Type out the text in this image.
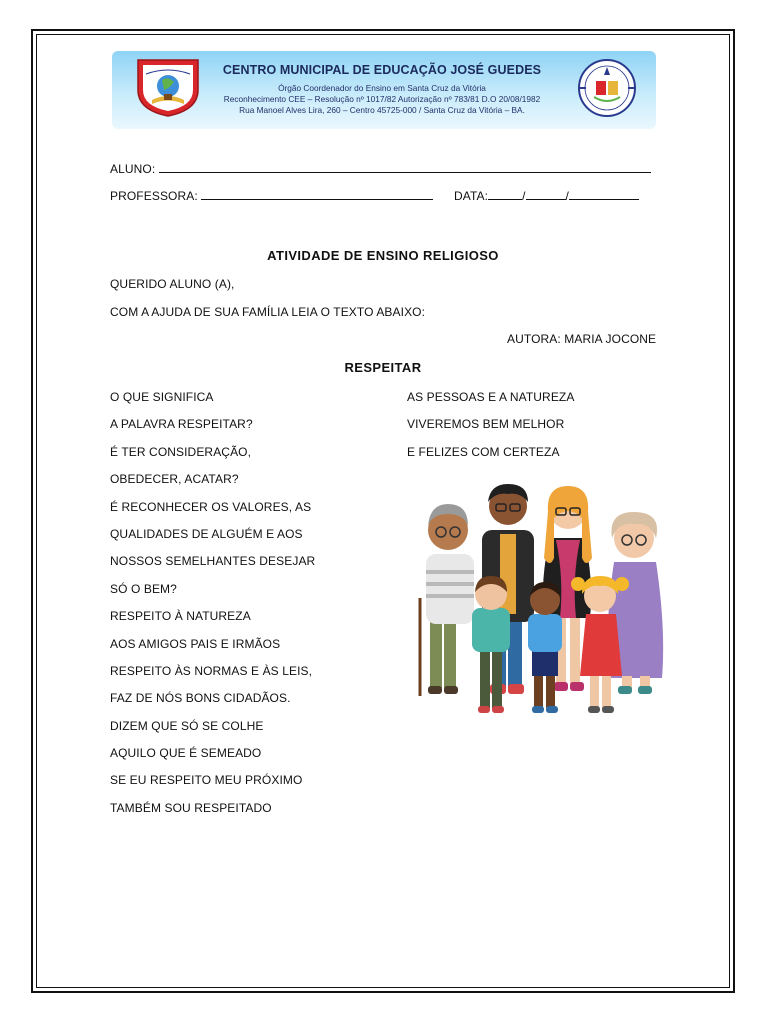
CENTRO MUNICIPAL DE EDUCAÇÃO JOSÉ GUEDES
Órgão Coordenador do Ensino em Santa Cruz da Vitória
Reconhecimento CEE – Resolução nº 1017/82 Autorização nº 783/81 D.O 20/08/1982
Rua Manoel Alves Lira, 260 – Centro 45725-000 / Santa Cruz da Vitória – BA.
ALUNO:
PROFESSORA:	DATA:	/	/
ATIVIDADE DE ENSINO RELIGIOSO
QUERIDO ALUNO (A),
COM A AJUDA DE SUA FAMÍLIA LEIA O TEXTO ABAIXO:
AUTORA: MARIA JOCONE
RESPEITAR
O QUE SIGNIFICA
A PALAVRA RESPEITAR?
É TER CONSIDERAÇÃO,
OBEDECER, ACATAR?
É RECONHECER OS VALORES, AS
QUALIDADES DE ALGUÉM E AOS
NOSSOS SEMELHANTES DESEJAR
SÓ O BEM?
RESPEITO À NATUREZA
AOS AMIGOS PAIS E IRMÃOS
RESPEITO ÀS NORMAS E ÀS LEIS,
FAZ DE NÓS BONS CIDADÃOS.
DIZEM QUE SÓ SE COLHE
AQUILO QUE É SEMEADO
SE EU RESPEITO MEU PRÓXIMO
TAMBÉM SOU RESPEITADO
AS PESSOAS E A NATUREZA
VIVEREMOS BEM MELHOR
E FELIZES COM CERTEZA
